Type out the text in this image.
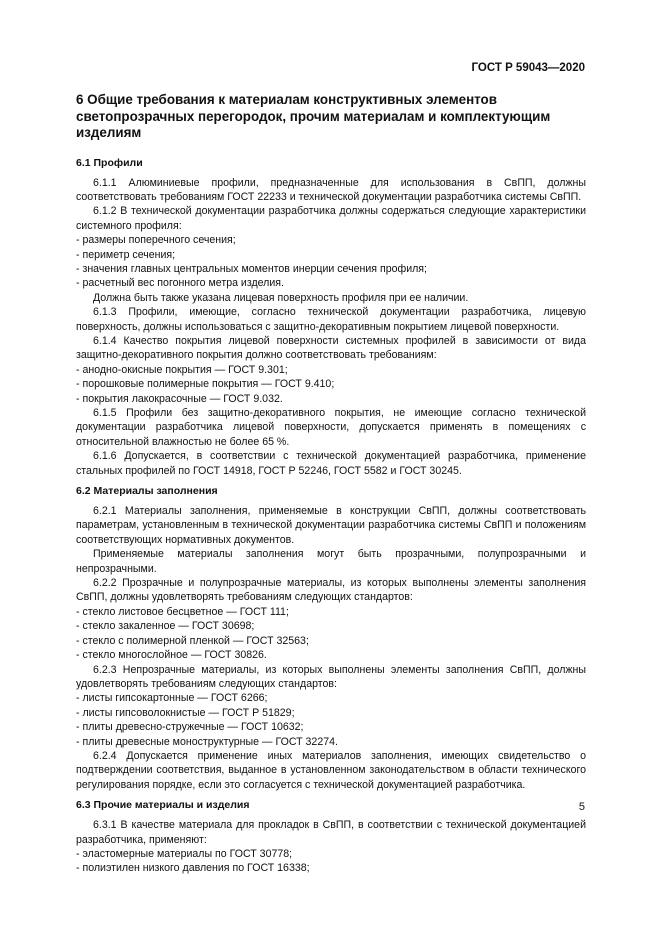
ГОСТ Р 59043—2020
6 Общие требования к материалам конструктивных элементов светопрозрачных перегородок, прочим материалам и комплектующим изделиям
6.1 Профили

6.1.1 Алюминиевые профили, предназначенные для использования в СвПП, должны соответствовать требованиям ГОСТ 22233 и технической документации разработчика системы СвПП.

6.1.2 В технической документации разработчика должны содержаться следующие характеристики системного профиля:

- размеры поперечного сечения;
- периметр сечения;
- значения главных центральных моментов инерции сечения профиля;
- расчетный вес погонного метра изделия.

Должна быть также указана лицевая поверхность профиля при ее наличии.

6.1.3 Профили, имеющие, согласно технической документации разработчика, лицевую поверхность, должны использоваться с защитно-декоративным покрытием лицевой поверхности.

6.1.4 Качество покрытия лицевой поверхности системных профилей в зависимости от вида защитно-декоративного покрытия должно соответствовать требованиям:

- анодно-окисные покрытия — ГОСТ 9.301;
- порошковые полимерные покрытия — ГОСТ 9.410;
- покрытия лакокрасочные — ГОСТ 9.032.

6.1.5 Профили без защитно-декоративного покрытия, не имеющие согласно технической документации разработчика лицевой поверхности, допускается применять в помещениях с относительной влажностью не более 65 %.

6.1.6 Допускается, в соответствии с технической документацией разработчика, применение стальных профилей по ГОСТ 14918, ГОСТ Р 52246, ГОСТ 5582 и ГОСТ 30245.

6.2 Материалы заполнения

6.2.1 Материалы заполнения, применяемые в конструкции СвПП, должны соответствовать параметрам, установленным в технической документации разработчика системы СвПП и положениям соответствующих нормативных документов.

Применяемые материалы заполнения могут быть прозрачными, полупрозрачными и непрозрачными.

6.2.2 Прозрачные и полупрозрачные материалы, из которых выполнены элементы заполнения СвПП, должны удовлетворять требованиям следующих стандартов:

- стекло листовое бесцветное — ГОСТ 111;
- стекло закаленное — ГОСТ 30698;
- стекло с полимерной пленкой — ГОСТ 32563;
- стекло многослойное — ГОСТ 30826.

6.2.3 Непрозрачные материалы, из которых выполнены элементы заполнения СвПП, должны удовлетворять требованиям следующих стандартов:

- листы гипсокартонные — ГОСТ 6266;
- листы гипсоволокнистые — ГОСТ Р 51829;
- плиты древесно-стружечные — ГОСТ 10632;
- плиты древесные моноструктурные — ГОСТ 32274.

6.2.4 Допускается применение иных материалов заполнения, имеющих свидетельство о подтверждении соответствия, выданное в установленном законодательством в области технического регулирования порядке, если это согласуется с технической документацией разработчика.

6.3 Прочие материалы и изделия

6.3.1 В качестве материала для прокладок в СвПП, в соответствии с технической документацией разработчика, применяют:

- эластомерные материалы по ГОСТ 30778;
- полиэтилен низкого давления по ГОСТ 16338;
5
